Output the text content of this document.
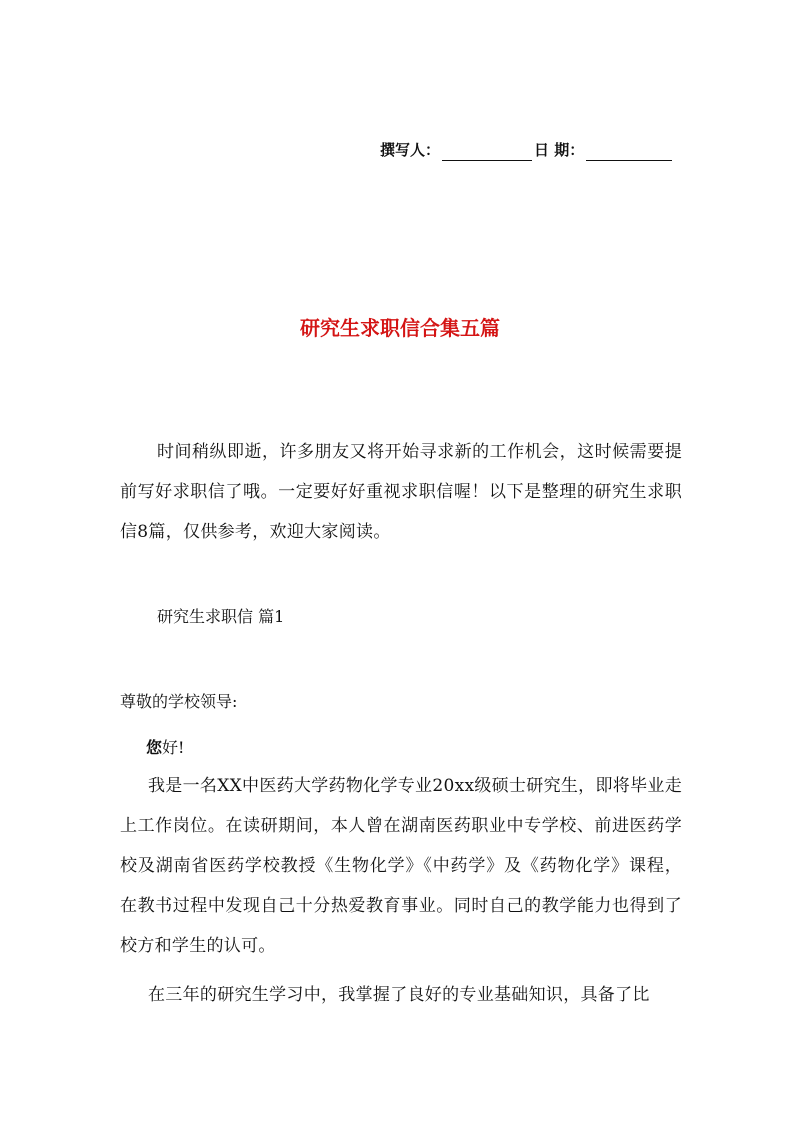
撰写人：	日 期：
研究生求职信合集五篇
时间稍纵即逝，许多朋友又将开始寻求新的工作机会，这时候需要提前写好求职信了哦。一定要好好重视求职信喔！以下是整理的研究生求职信8篇，仅供参考，欢迎大家阅读。
研究生求职信 篇1
尊敬的学校领导:
您好!
我是一名XX中医药大学药物化学专业20xx级硕士研究生，即将毕业走上工作岗位。在读研期间，本人曾在湖南医药职业中专学校、前进医药学校及湖南省医药学校教授《生物化学》《中药学》及《药物化学》课程，在教书过程中发现自己十分热爱教育事业。同时自己的教学能力也得到了校方和学生的认可。
在三年的研究生学习中，我掌握了良好的专业基础知识，具备了比
